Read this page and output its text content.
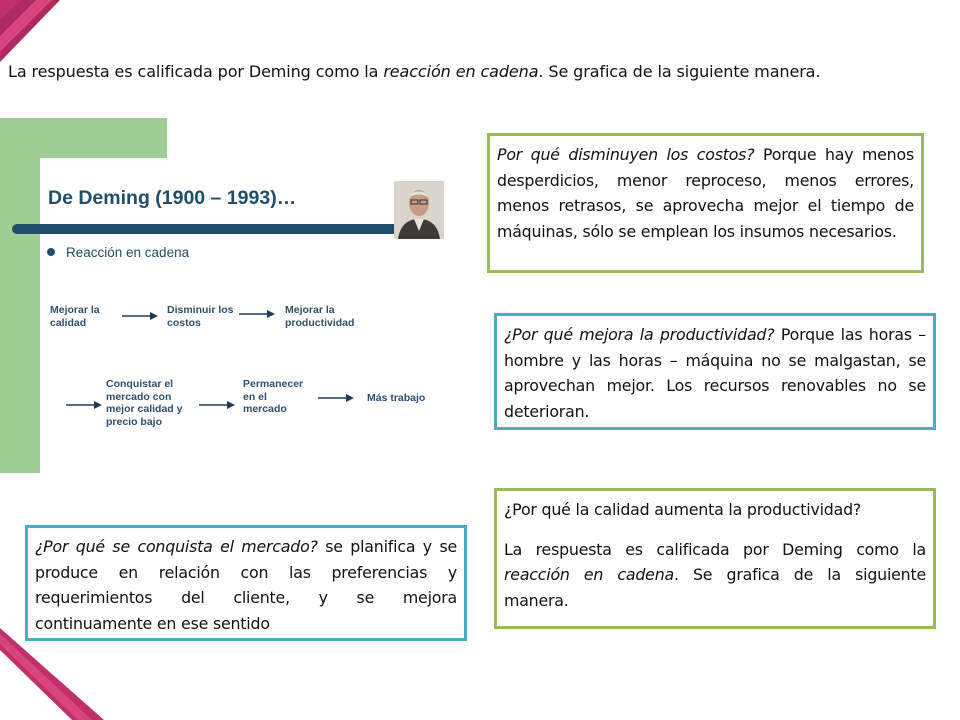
La respuesta es calificada por Deming como la reacción en cadena. Se grafica de la siguiente manera.
De Deming (1900 – 1993)…
Reacción en cadena
Mejorar la calidad
Disminuir los costos
Mejorar la productividad
Conquistar el mercado con mejor calidad y precio bajo
Permanecer en el mercado
Más trabajo

Por qué disminuyen los costos? Porque hay menos desperdicios, menor reproceso, menos errores, menos retrasos, se aprovecha mejor el tiempo de máquinas, sólo se emplean los insumos necesarios.

¿Por qué mejora la productividad? Porque las horas – hombre y las horas – máquina no se malgastan, se aprovechan mejor. Los recursos renovables no se deterioran.

¿Por qué la calidad aumenta la productividad?

La respuesta es calificada por Deming como la reacción en cadena. Se grafica de la siguiente manera.

¿Por qué se conquista el mercado? se planifica y se produce en relación con las preferencias y requerimientos del cliente, y se mejora continuamente en ese sentido
